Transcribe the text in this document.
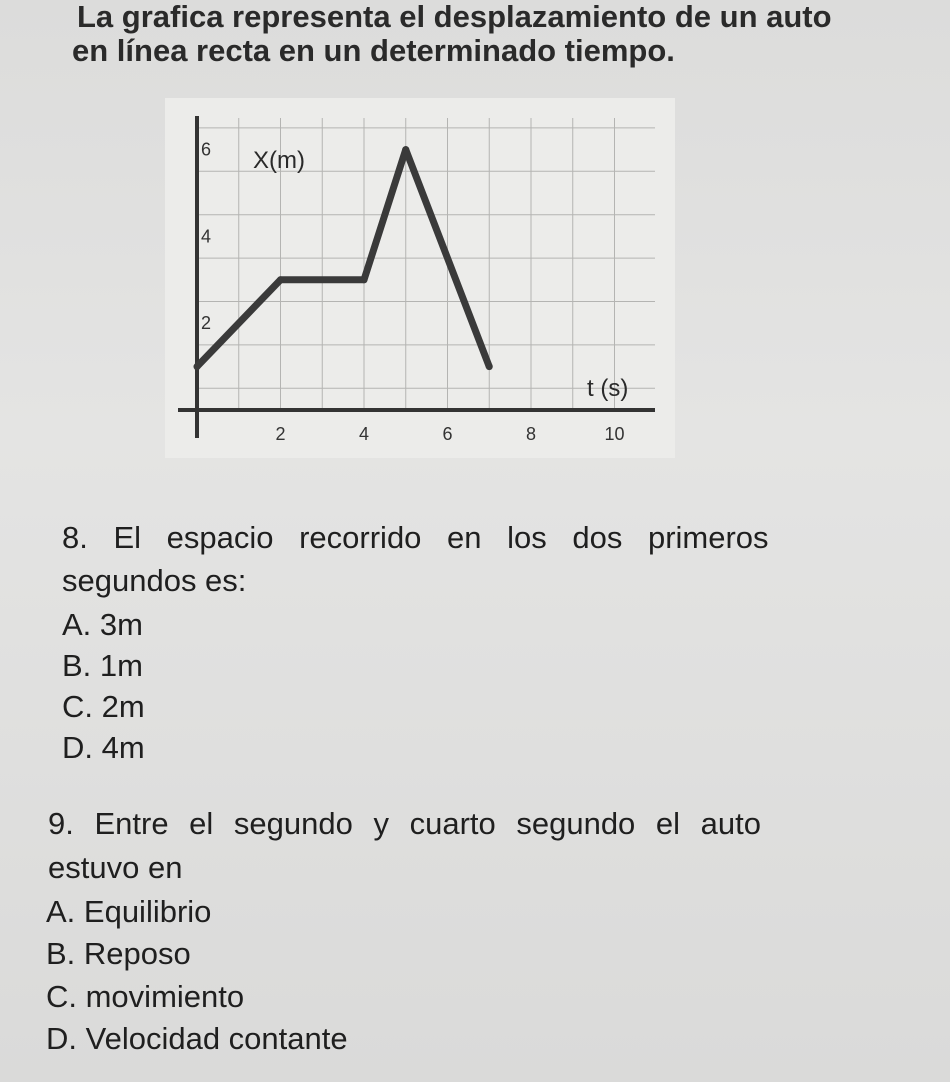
La grafica representa el desplazamiento de un auto
en línea recta en un determinado tiempo.
2	4	6	8	10
2
4
6 X(m)
t (s)
8. El espacio recorrido en los dos primeros
segundos es:
A. 3m
B. 1m
C. 2m
D. 4m
9. Entre el segundo y cuarto segundo el auto
estuvo en
A. Equilibrio
B. Reposo
C. movimiento
D. Velocidad contante
